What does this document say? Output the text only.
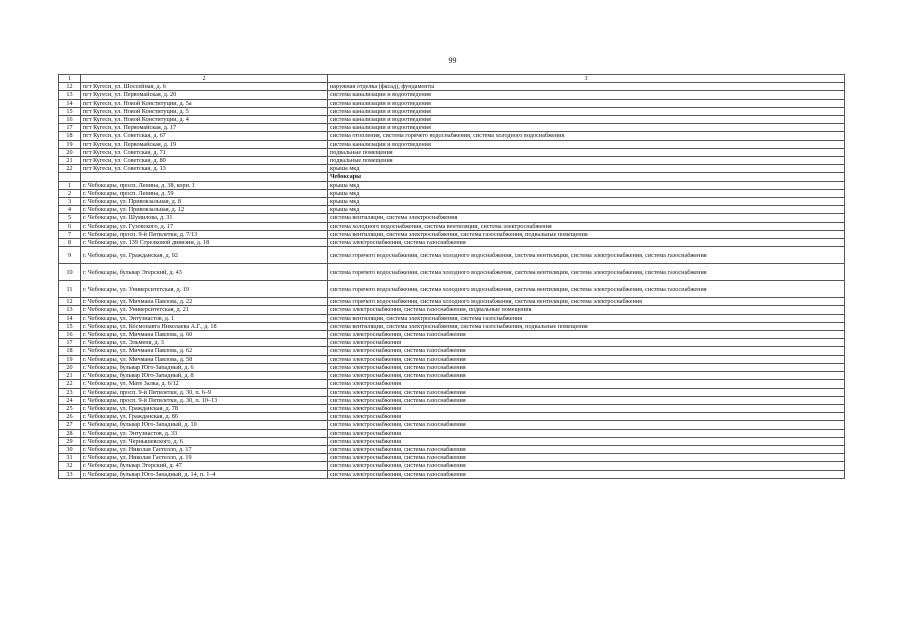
99
1	2	3
12	пгт Кугеси, ул. Шоссейная, д. 6	наружная отделка (фасад), фундаменты
13	пгт Кугеси, ул. Первомайская, д. 20	система канализации и водоотведения
14	пгт Кугеси, ул. Новой Конституции, д. 5а	система канализации и водоотведения
15	пгт Кугеси, ул. Новой Конституции, д. 5	система канализации и водоотведения
16	пгт Кугеси, ул. Новой Конституции, д. 4	система канализации и водоотведения
17	пгт Кугеси, ул. Первомайская, д. 17	система канализации и водоотведения
18	пгт Кугеси, ул. Советская, д. 67	система отопления, система горячего водоснабжения, система холодного водоснабжения
19	пгт Кугеси, ул. Первомайская, д. 19	система канализации и водоотведения
20	пгт Кугеси, ул. Советская, д. 71	подвальные помещения
21	пгт Кугеси, ул. Советская, д. 80	подвальные помещения
22	пгт Кугеси, ул. Советская, д. 13	крыша мкд
		Чебоксары
1	г. Чебоксары, просп. Ленина, д. 38, корп. 1	крыша мкд
2	г. Чебоксары, просп. Ленина, д. 59	крыша мкд
3	г. Чебоксары, ул. Привокзальная, д. 8	крыша мкд
4	г. Чебоксары, ул. Привокзальная, д. 12	крыша мкд
5	г. Чебоксары, ул. Шумилова, д. 31	система вентиляции, система электроснабжения
6	г. Чебоксары, ул. Гузовского, д. 17	система холодного водоснабжения, система вентиляции, система электроснабжения
7	г. Чебоксары, просп. 9-й Пятилетки, д. 7/13	система вентиляции, система электроснабжения, система газоснабжения, подвальные помещения
8	г. Чебоксары, ул. 139 Стрелковой дивизии, д. 18	система электроснабжения, система газоснабжения
9	г. Чебоксары, ул. Гражданская, д. 92	система горячего водоснабжения, система холодного водоснабжения, система вентиляции, система электроснабжения, система газоснабжения
10	г. Чебоксары, бульвар Эгерский, д. 43	система горячего водоснабжения, система холодного водоснабжения, система вентиляции, система электроснабжения, система газоснабжения
11	г. Чебоксары, ул. Университетская, д. 19	система горячего водоснабжения, система холодного водоснабжения, система вентиляции, система электроснабжения, система газоснабжения
12	г. Чебоксары, ул. Мичмана Павлова, д. 22	система горячего водоснабжения, система холодного водоснабжения, система вентиляции, система электроснабжения
13	г. Чебоксары, ул. Университетская, д. 21	система электроснабжения, система газоснабжения, подвальные помещения
14	г. Чебоксары, ул. Энтузиастов, д. 1	система вентиляции, система электроснабжения, система газоснабжения
15	г. Чебоксары, ул. Космонавта Николаева А.Г., д. 18	система вентиляции, система электроснабжения, система газоснабжения, подвальные помещения
16	г. Чебоксары, ул. Мичмана Павлова, д. 60	система электроснабжения, система газоснабжения
17	г. Чебоксары, ул. Эльменя, д. 3	система электроснабжения
18	г. Чебоксары, ул. Мичмана Павлова, д. 62	система электроснабжения, система газоснабжения
19	г. Чебоксары, ул. Мичмана Павлова, д. 58	система электроснабжения, система газоснабжения
20	г. Чебоксары, бульвар Юго-Западный, д. 6	система электроснабжения, система газоснабжения
21	г. Чебоксары, бульвар Юго-Западный, д. 8	система электроснабжения, система газоснабжения
22	г. Чебоксары, ул. Мате Залка, д. 6/12	система электроснабжения
23	г. Чебоксары, просп. 9-й Пятилетки, д. 30, п. 6–9	система электроснабжения, система газоснабжения
24	г. Чебоксары, просп. 9-й Пятилетки, д. 30, п. 10–13	система электроснабжения, система газоснабжения
25	г. Чебоксары, ул. Гражданская, д. 78	система электроснабжения
26	г. Чебоксары, ул. Гражданская, д. 86	система электроснабжения
27	г. Чебоксары, бульвар Юго-Западный, д. 10	система электроснабжения, система газоснабжения
28	г. Чебоксары, ул. Энтузиастов, д. 33	система электроснабжения
29	г. Чебоксары, ул. Чернышевского, д. 6	система электроснабжения
30	г. Чебоксары, ул. Николая Гастелло, д. 17	система электроснабжения, система газоснабжения
31	г. Чебоксары, ул. Николая Гастелло, д. 19	система электроснабжения, система газоснабжения
32	г. Чебоксары, бульвар Эгерский, д. 47	система электроснабжения, система газоснабжения
33	г. Чебоксары, бульвар Юго-Западный, д. 14, п. 1–4	система электроснабжения, система газоснабжения
